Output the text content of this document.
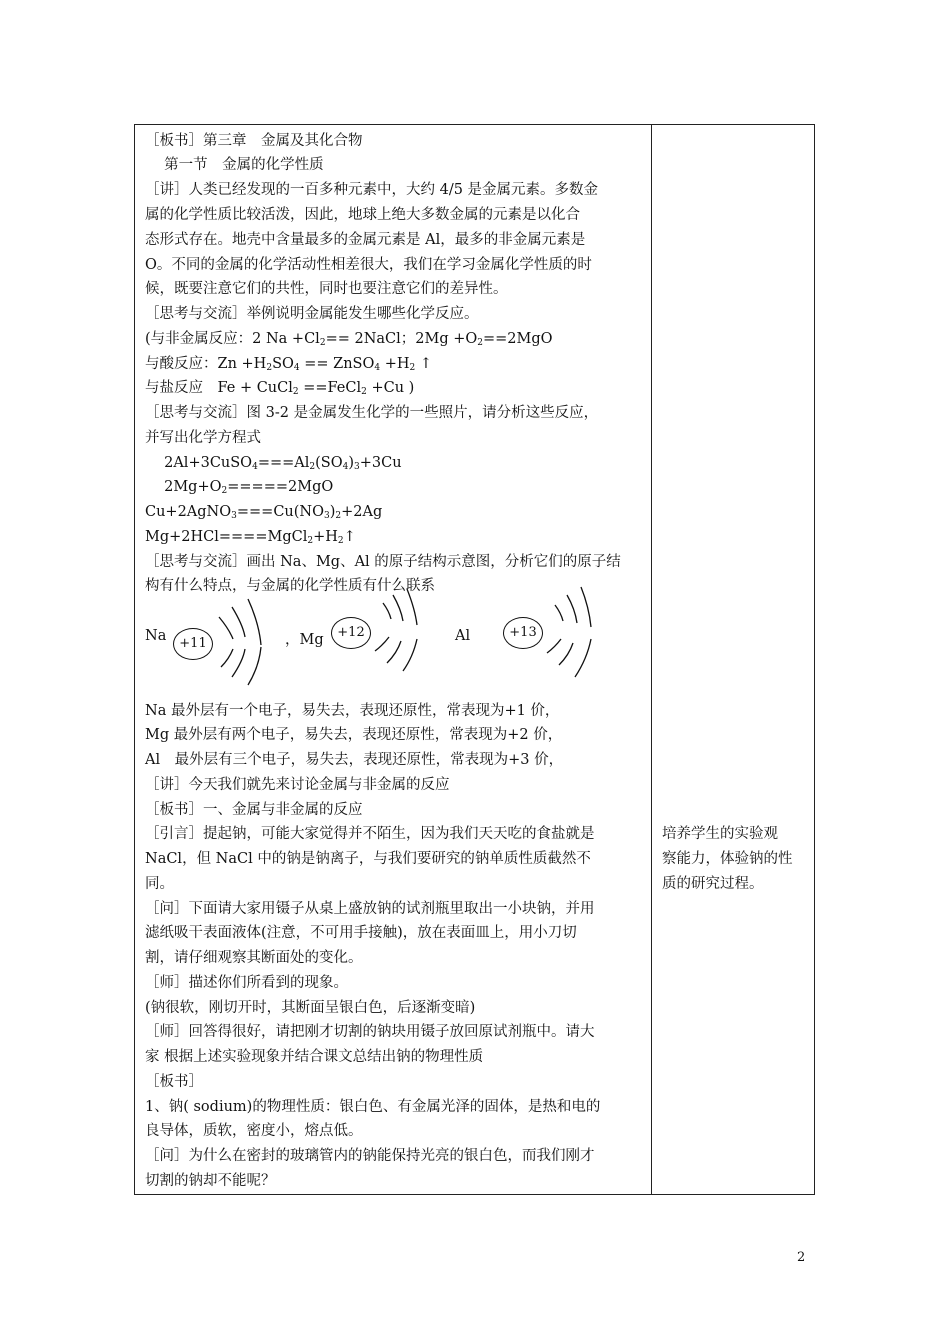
［板书］第三章　金属及其化合物
　 第一节　金属的化学性质
［讲］人类已经发现的一百多种元素中，大约 4/5 是金属元素。多数金
属的化学性质比较活泼，因此，地球上绝大多数金属的元素是以化合
态形式存在。地壳中含量最多的金属元素是 Al，最多的非金属元素是
O。不同的金属的化学活动性相差很大，我们在学习金属化学性质的时
候，既要注意它们的共性，同时也要注意它们的差异性。
［思考与交流］举例说明金属能发生哪些化学反应。
(与非金属反应：2 $Na +Cl_2==$ 2NaCl；$2Mg +O_2==2MgO$
与酸反应：$Zn +H_2SO_4$ == ZnSO$_4$ $+H_2$ ↑
与盐反应　Fe + CuCl$_2$ ==FeCl$_2$ +Cu )
［思考与交流］图 3-2 是金属发生化学的一些照片，请分析这些反应，
并写出化学方程式
　 $2Al+3CuSO_4===Al_2(SO_4)_3+3Cu$
　 $2Mg+O_2=====2MgO$
$Cu+2AgNO_3===Cu(NO_3)_2+2Ag$
$Mg+2HCl====MgCl_2+H_2↑$
［思考与交流］画出 Na、Mg、Al 的原子结构示意图，分析它们的原子结
构有什么特点，与金属的化学性质有什么联系
Na +11	，Mg	+12	Al	+13
Na 最外层有一个电子，易失去，表现还原性，常表现为+1 价，
Mg 最外层有两个电子，易失去，表现还原性，常表现为+2 价，
Al　最外层有三个电子，易失去，表现还原性，常表现为+3 价，
［讲］今天我们就先来讨论金属与非金属的反应
［板书］一、金属与非金属的反应
［引言］提起钠，可能大家觉得并不陌生，因为我们天天吃的食盐就是
NaCl，但 NaCl 中的钠是钠离子，与我们要研究的钠单质性质截然不
同。
［问］下面请大家用镊子从桌上盛放钠的试剂瓶里取出一小块钠，并用
滤纸吸干表面液体(注意，不可用手接触)，放在表面皿上，用小刀切
割，请仔细观察其断面处的变化。
［师］描述你们所看到的现象。
(钠很软，刚切开时，其断面呈银白色，后逐渐变暗)
［师］回答得很好，请把刚才切割的钠块用镊子放回原试剂瓶中。请大
家 根据上述实验现象并结合课文总结出钠的物理性质
［板书］
1、钠( sodium)的物理性质：银白色、有金属光泽的固体，是热和电的
良导体，质软，密度小，熔点低。
［问］为什么在密封的玻璃管内的钠能保持光亮的银白色，而我们刚才
切割的钠却不能呢？
培养学生的实验观
察能力，体验钠的性
质的研究过程。
2
